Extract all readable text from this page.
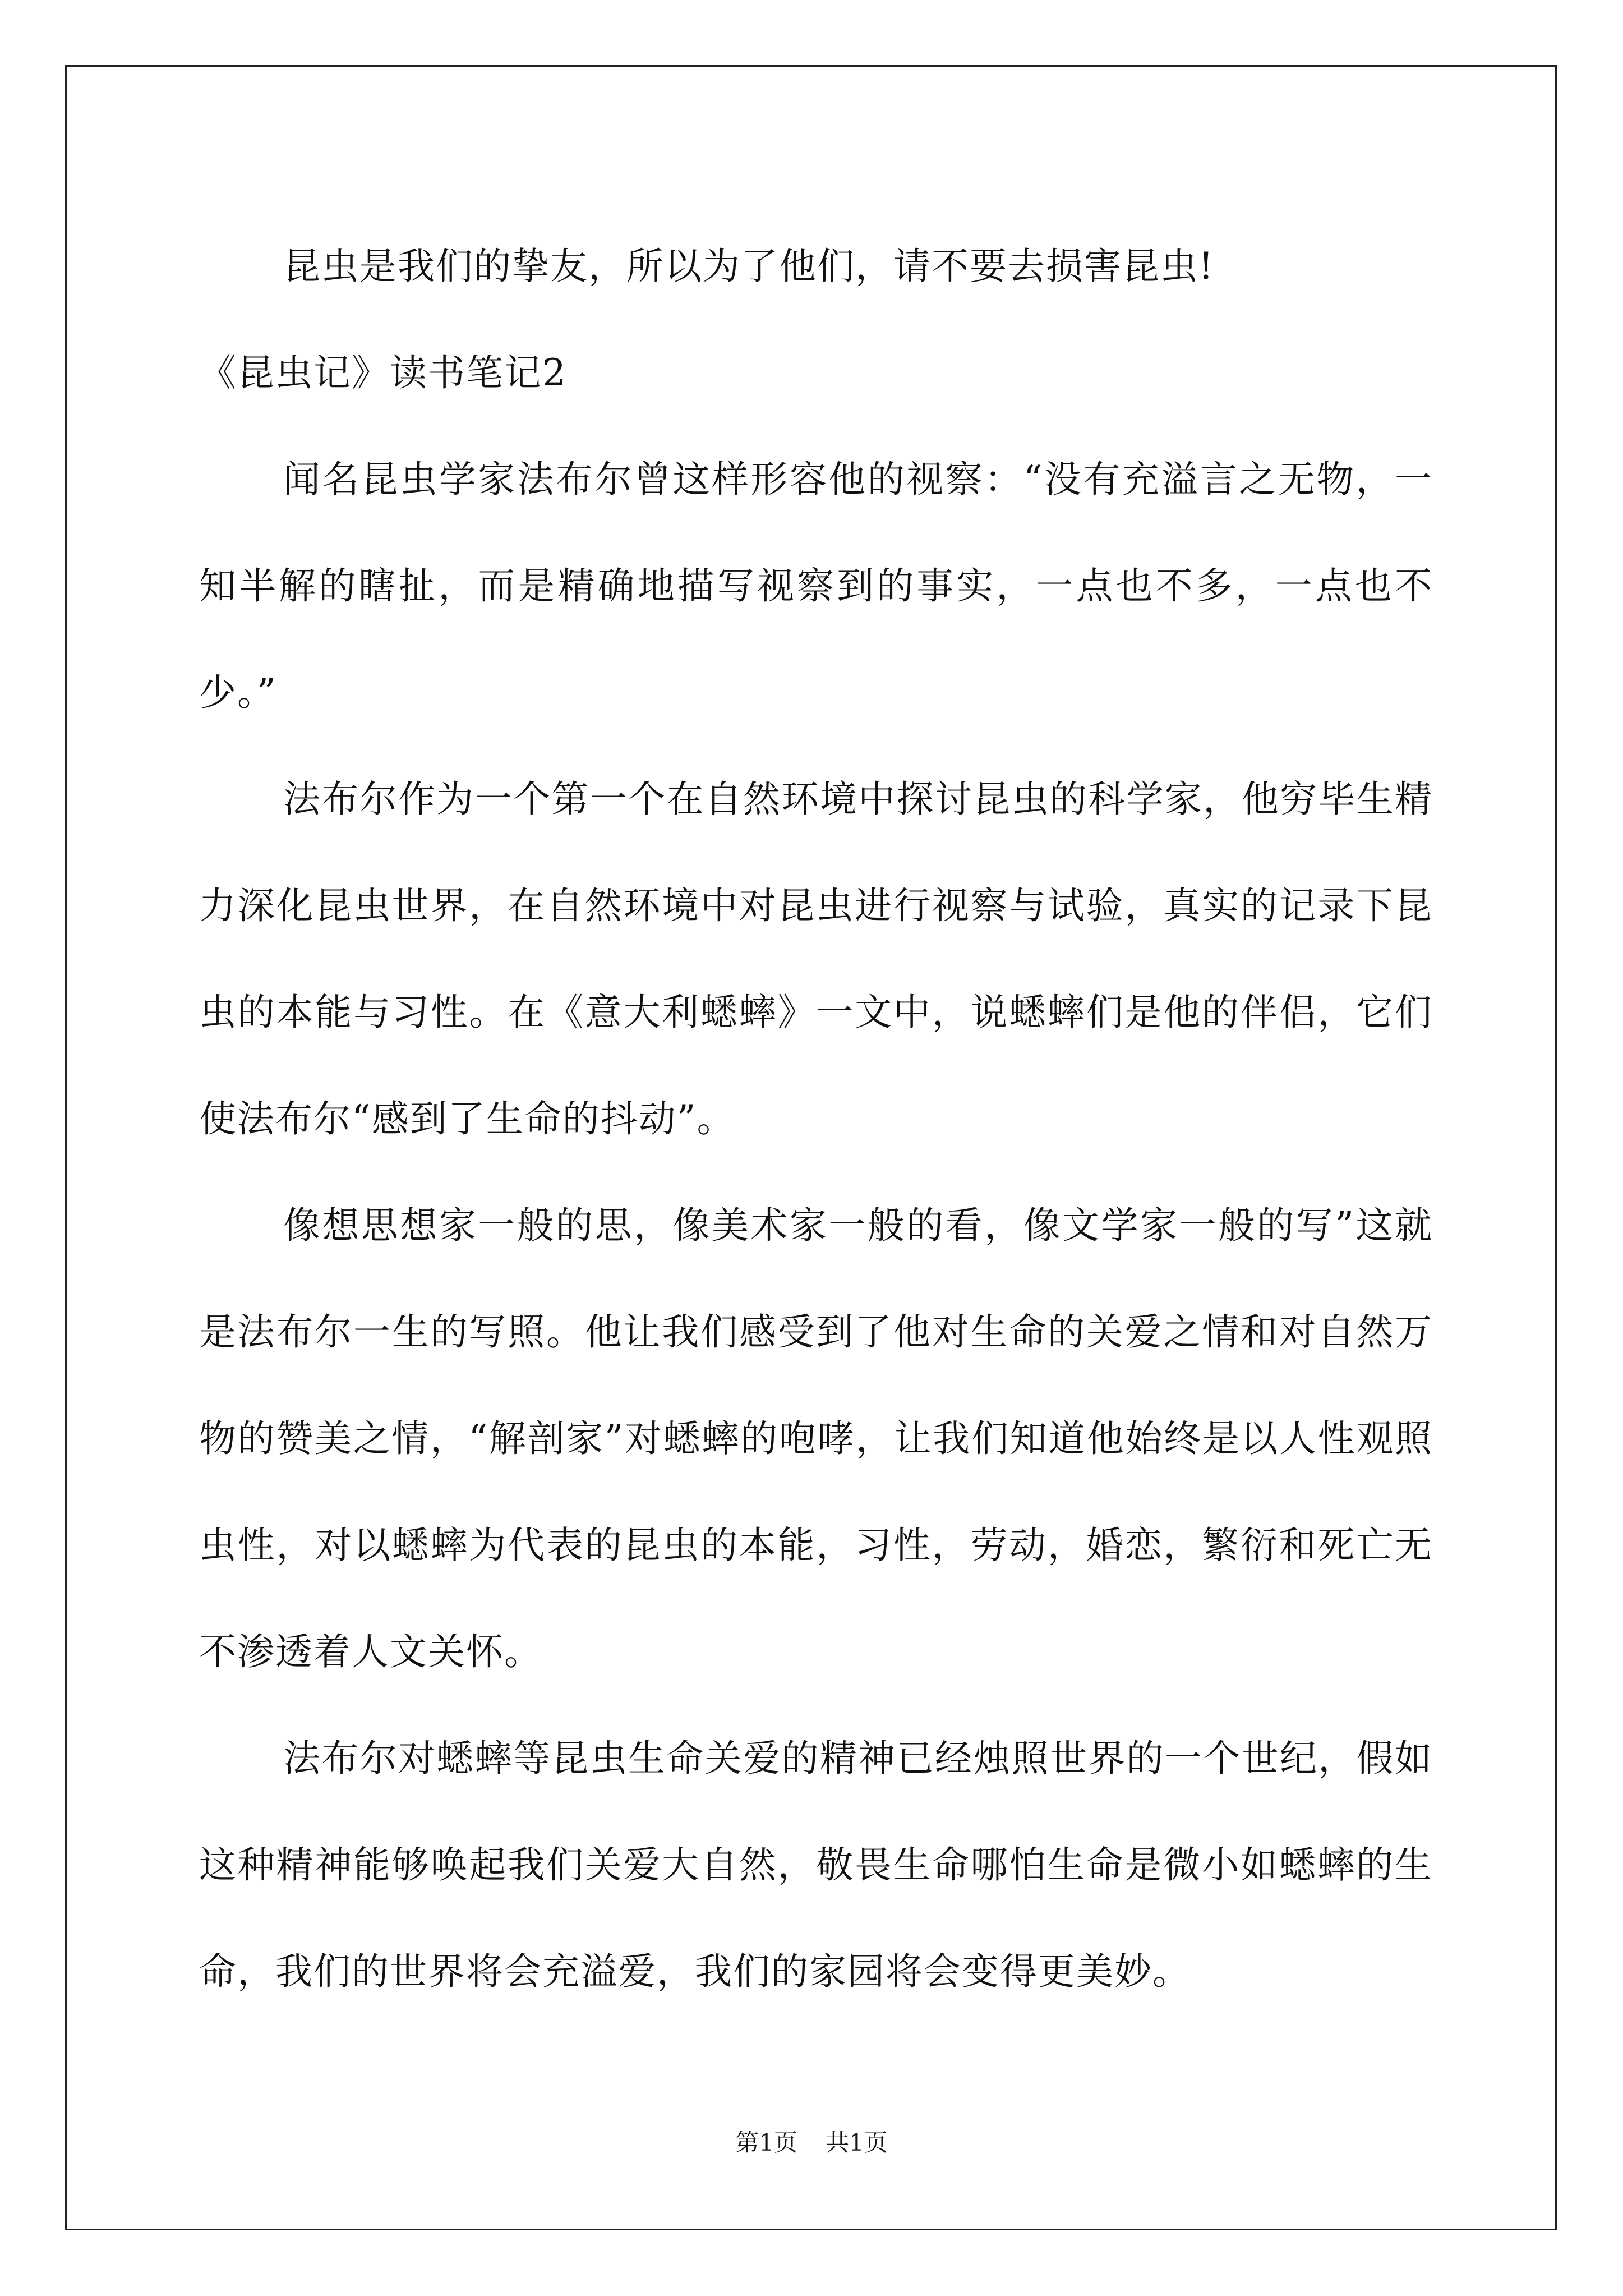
昆虫是我们的挚友，所以为了他们，请不要去损害昆虫!

《昆虫记》读书笔记2

闻名昆虫学家法布尔曾这样形容他的视察：“没有充溢言之无物，一知半解的瞎扯，而是精确地描写视察到的事实，一点也不多，一点也不少。”

法布尔作为一个第一个在自然环境中探讨昆虫的科学家，他穷毕生精力深化昆虫世界，在自然环境中对昆虫进行视察与试验，真实的记录下昆虫的本能与习性。在《意大利蟋蟀》一文中，说蟋蟀们是他的伴侣，它们使法布尔“感到了生命的抖动”。

像想思想家一般的思，像美术家一般的看，像文学家一般的写”这就是法布尔一生的写照。他让我们感受到了他对生命的关爱之情和对自然万物的赞美之情，“解剖家”对蟋蟀的咆哮，让我们知道他始终是以人性观照虫性，对以蟋蟀为代表的昆虫的本能，习性，劳动，婚恋，繁衍和死亡无不渗透着人文关怀。

法布尔对蟋蟀等昆虫生命关爱的精神已经烛照世界的一个世纪，假如这种精神能够唤起我们关爱大自然，敬畏生命哪怕生命是微小如蟋蟀的生命，我们的世界将会充溢爱，我们的家园将会变得更美妙。

第1页 共1页
